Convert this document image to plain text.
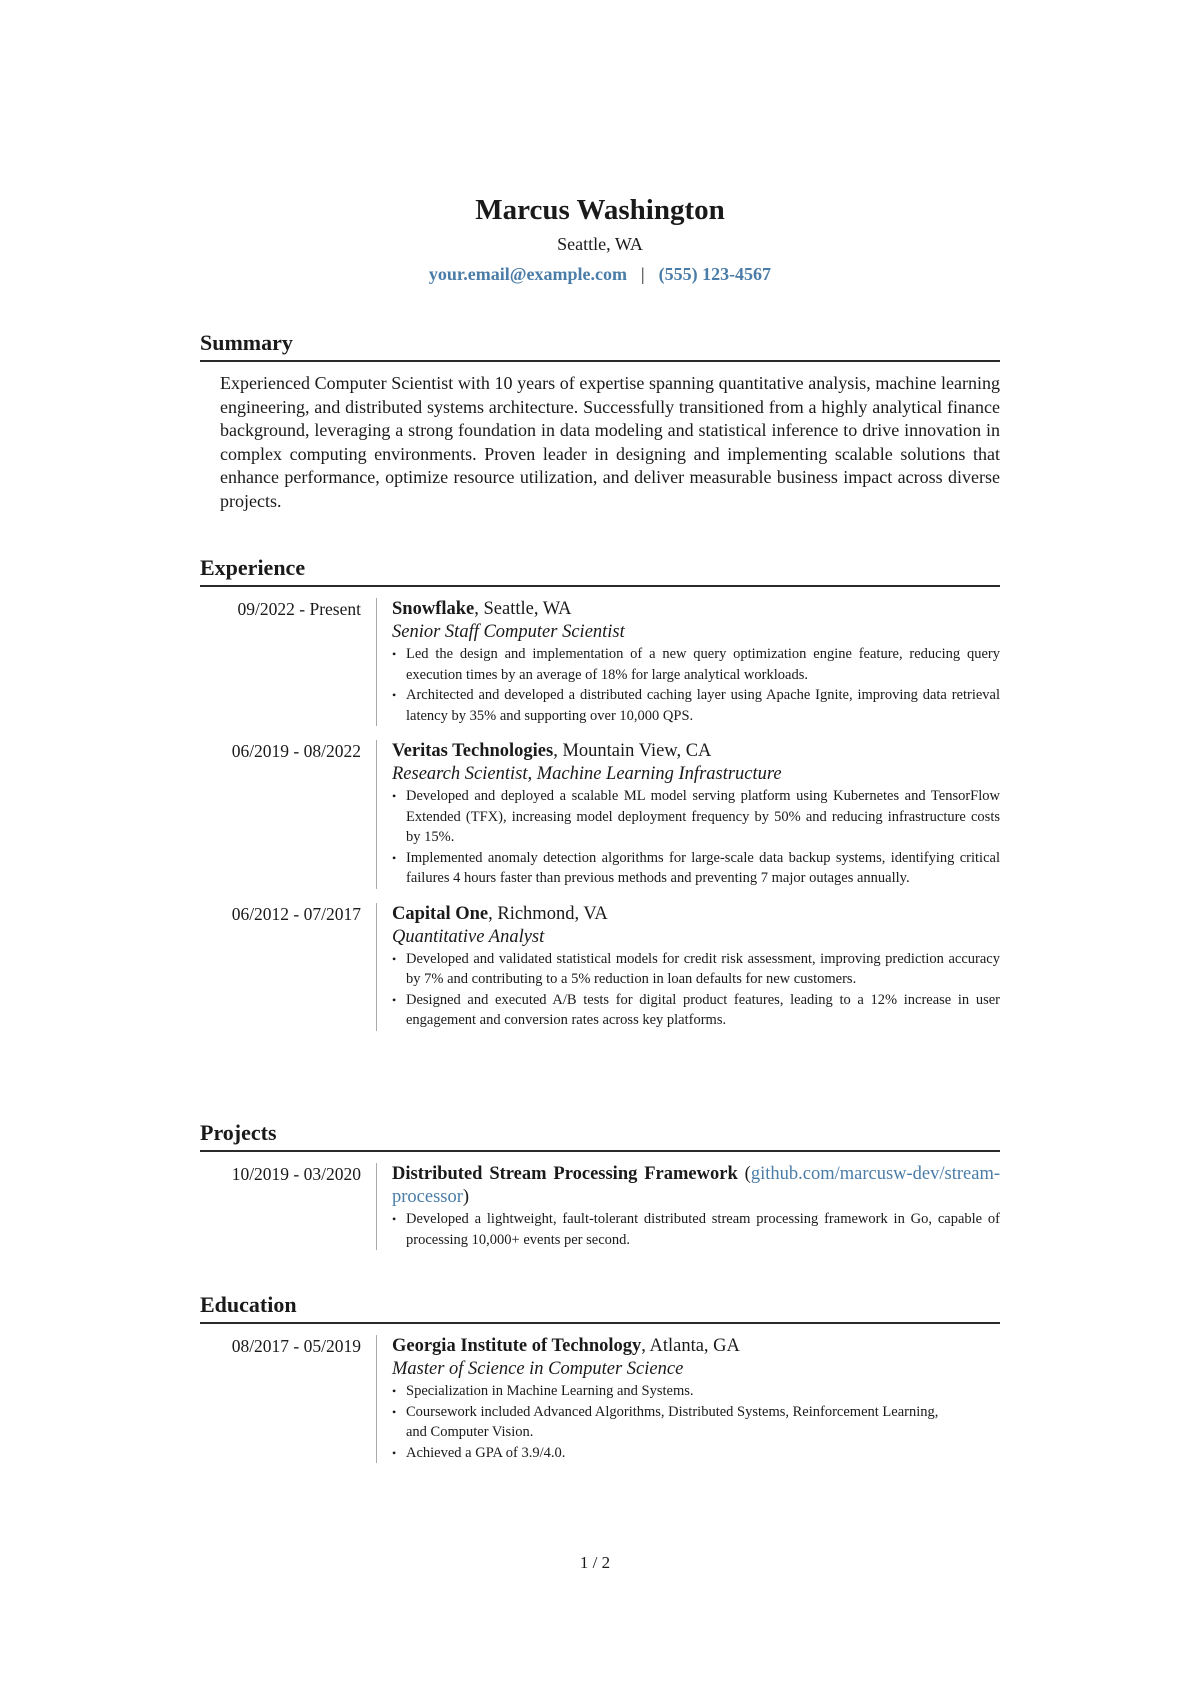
Marcus Washington
Seattle, WA
your.email@example.com | (555) 123-4567
Summary
Experienced Computer Scientist with 10 years of expertise spanning quantitative analysis, machine learning engineering, and distributed systems architecture. Successfully transitioned from a highly analytical finance background, leveraging a strong foundation in data modeling and statistical inference to drive innovation in complex computing environments. Proven leader in designing and implementing scalable solutions that enhance performance, optimize resource utilization, and deliver measurable business impact across diverse projects.
Experience
09/2022 - Present	Snowflake, Seattle, WA
Senior Staff Computer Scientist
• Led the design and implementation of a new query optimization engine feature, reducing query execution times by an average of 18% for large analytical workloads.
• Architected and developed a distributed caching layer using Apache Ignite, improving data retrieval latency by 35% and supporting over 10,000 QPS.
06/2019 - 08/2022	Veritas Technologies, Mountain View, CA
Research Scientist, Machine Learning Infrastructure
• Developed and deployed a scalable ML model serving platform using Kubernetes and TensorFlow Extended (TFX), increasing model deployment frequency by 50% and reducing infrastructure costs by 15%.
• Implemented anomaly detection algorithms for large-scale data backup systems, identifying critical failures 4 hours faster than previous methods and preventing 7 major outages annually.
06/2012 - 07/2017	Capital One, Richmond, VA
Quantitative Analyst
• Developed and validated statistical models for credit risk assessment, improving prediction accuracy by 7% and contributing to a 5% reduction in loan defaults for new customers.
• Designed and executed A/B tests for digital product features, leading to a 12% increase in user engagement and conversion rates across key platforms.
Projects
10/2019 - 03/2020	Distributed Stream Processing Framework (github.com/marcusw-dev/stream-processor)
• Developed a lightweight, fault-tolerant distributed stream processing framework in Go, capable of processing 10,000+ events per second.
Education
08/2017 - 05/2019	Georgia Institute of Technology, Atlanta, GA
Master of Science in Computer Science
• Specialization in Machine Learning and Systems.
• Coursework included Advanced Algorithms, Distributed Systems, Reinforcement Learning, and Computer Vision.
• Achieved a GPA of 3.9/4.0.
1 / 2
